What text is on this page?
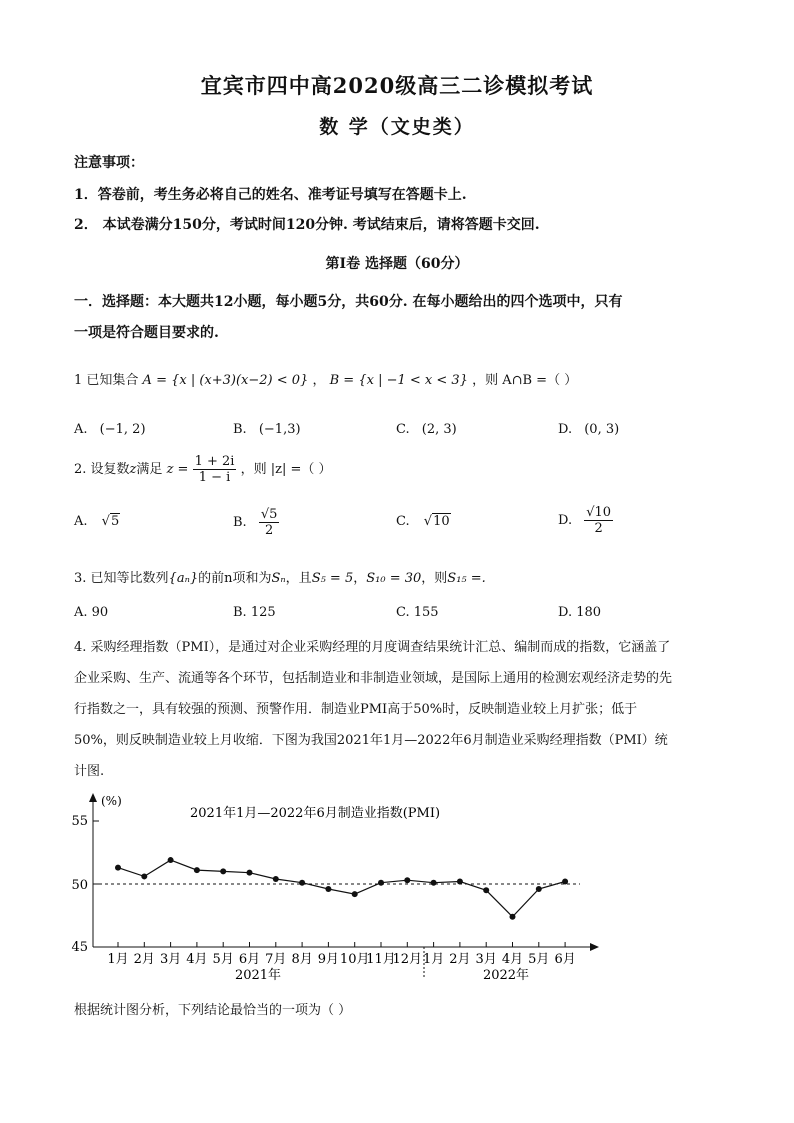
宜宾市四中高2020级高三二诊模拟考试
数 学（文史类）
注意事项：
1．答卷前，考生务必将自己的姓名、准考证号填写在答题卡上.
2． 本试卷满分150分，考试时间120分钟. 考试结束后，请将答题卡交回.
第I卷 选择题（60分）
一．选择题：本大题共12小题，每小题5分，共60分. 在每小题给出的四个选项中，只有
一项是符合题目要求的.
1 已知集合 A = {x | (x+3)(x−2) < 0} ， B = {x | −1 < x < 3} ，则 A∩B =（ ）
A. (−1, 2)	B. (−1,3)	C. (2, 3)	D. (0, 3)
2. 设复数z满足 $z = \frac{1 + 2i}{1 - i}$ ，则 |z| =（ ）
A. √5	B. $\frac{√5}{2}$	C. √10	D. $\frac{√10}{2}$
3. 已知等比数列{aₙ}的前n项和为Sₙ，且S₅ = 5，S₁₀ = 30，则S₁₅ =.
A. 90	B. 125	C. 155	D. 180
4. 采购经理指数（PMI），是通过对企业采购经理的月度调查结果统计汇总、编制而成的指数，它涵盖了
企业采购、生产、流通等各个环节，包括制造业和非制造业领域，是国际上通用的检测宏观经济走势的先
行指数之一，具有较强的预测、预警作用．制造业PMI高于50%时，反映制造业较上月扩张；低于
50%，则反映制造业较上月收缩．下图为我国2021年1月—2022年6月制造业采购经理指数（PMI）统
计图.
(%)
2021年1月—2022年6月制造业指数(PMI)
55
50
45
2021年	2022年
1月 2月 3月 4月 5月 6月 7月 8月 9月 10月
11月
12月 1月 2月 3月 4月 5月 6月
根据统计图分析，下列结论最恰当的一项为（ ）
